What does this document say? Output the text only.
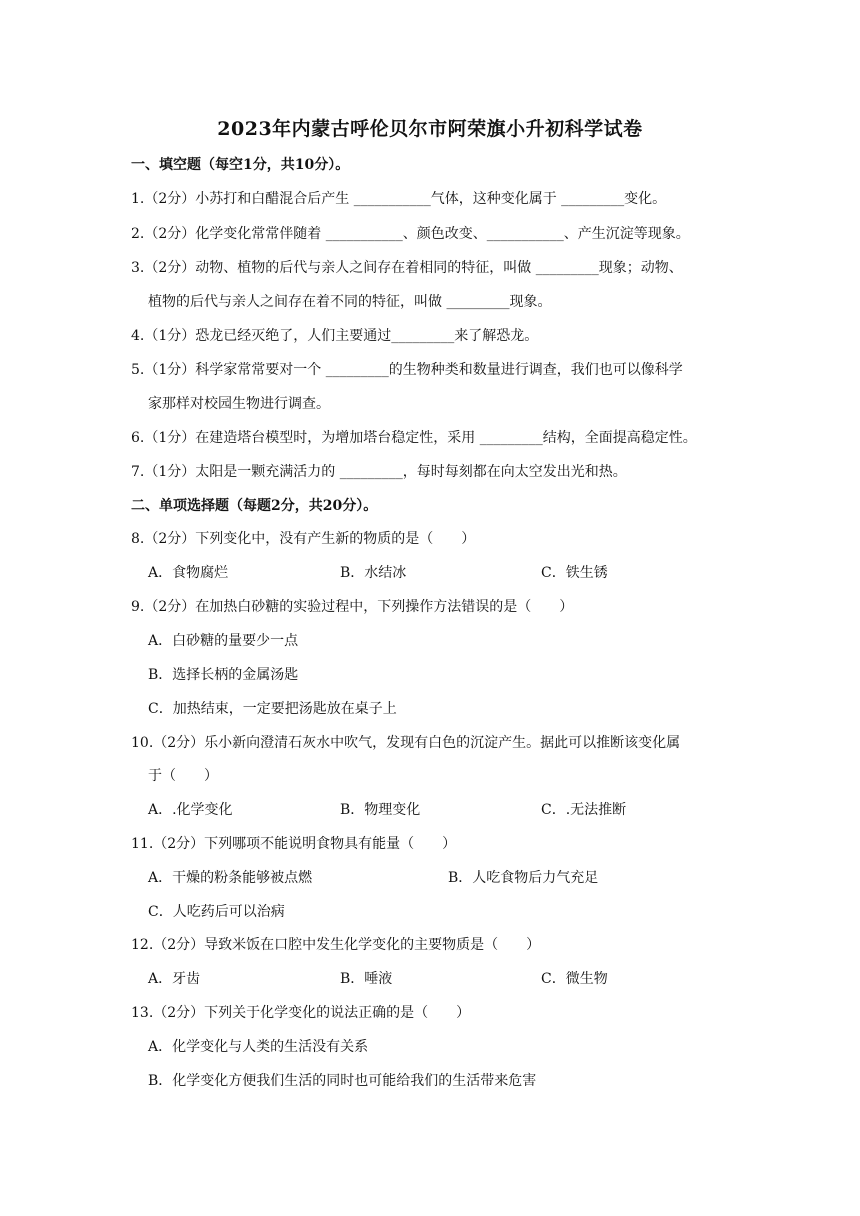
2023年内蒙古呼伦贝尔市阿荣旗小升初科学试卷
一、填空题（每空1分，共10分）。
1.（2分）小苏打和白醋混合后产生 ___________气体，这种变化属于 _________变化。
2.（2分）化学变化常常伴随着 ___________、颜色改变、___________、产生沉淀等现象。
3.（2分）动物、植物的后代与亲人之间存在着相同的特征，叫做 _________现象；动物、
植物的后代与亲人之间存在着不同的特征，叫做 _________现象。
4.（1分）恐龙已经灭绝了，人们主要通过_________来了解恐龙。
5.（1分）科学家常常要对一个 _________的生物种类和数量进行调查，我们也可以像科学
家那样对校园生物进行调查。
6.（1分）在建造塔台模型时，为增加塔台稳定性，采用 _________结构，全面提高稳定性。
7.（1分）太阳是一颗充满活力的 _________，每时每刻都在向太空发出光和热。
二、单项选择题（每题2分，共20分）。
8.（2分）下列变化中，没有产生新的物质的是（　　）
A．食物腐烂	B．水结冰	C．铁生锈
9.（2分）在加热白砂糖的实验过程中，下列操作方法错误的是（　　）
A．白砂糖的量要少一点
B．选择长柄的金属汤匙
C．加热结束，一定要把汤匙放在桌子上
10.（2分）乐小新向澄清石灰水中吹气，发现有白色的沉淀产生。据此可以推断该变化属
于（　　）
A．.化学变化	B．物理变化	C．.无法推断
11.（2分）下列哪项不能说明食物具有能量（　　）
A．干燥的粉条能够被点燃	B．人吃食物后力气充足
C．人吃药后可以治病
12.（2分）导致米饭在口腔中发生化学变化的主要物质是（　　）
A．牙齿	B．唾液	C．微生物
13.（2分）下列关于化学变化的说法正确的是（　　）
A．化学变化与人类的生活没有关系
B．化学变化方便我们生活的同时也可能给我们的生活带来危害
